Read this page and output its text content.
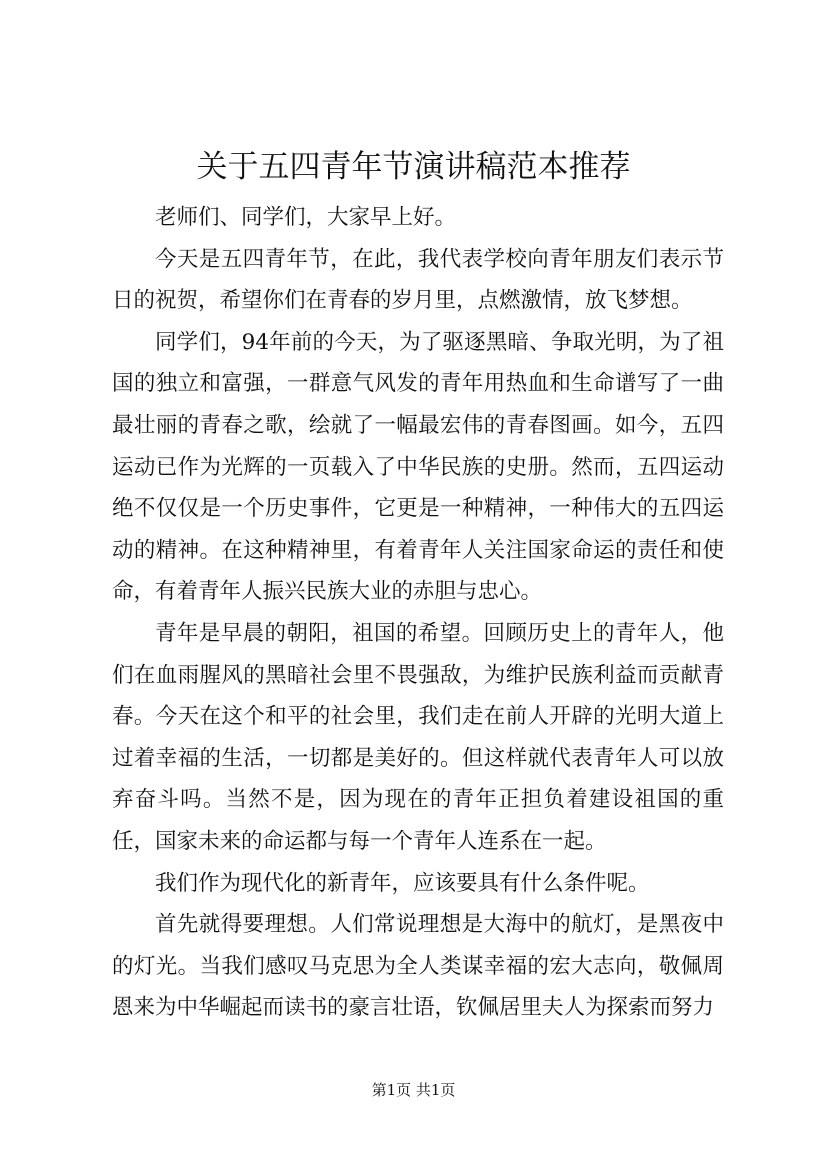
关于五四青年节演讲稿范本推荐

老师们、同学们，大家早上好。

今天是五四青年节，在此，我代表学校向青年朋友们表示节日的祝贺，希望你们在青春的岁月里，点燃激情，放飞梦想。

同学们，94年前的今天，为了驱逐黑暗、争取光明，为了祖国的独立和富强，一群意气风发的青年用热血和生命谱写了一曲最壮丽的青春之歌，绘就了一幅最宏伟的青春图画。如今，五四运动已作为光辉的一页载入了中华民族的史册。然而，五四运动绝不仅仅是一个历史事件，它更是一种精神，一种伟大的五四运动的精神。在这种精神里，有着青年人关注国家命运的责任和使命，有着青年人振兴民族大业的赤胆与忠心。

青年是早晨的朝阳，祖国的希望。回顾历史上的青年人，他们在血雨腥风的黑暗社会里不畏强敌，为维护民族利益而贡献青春。今天在这个和平的社会里，我们走在前人开辟的光明大道上过着幸福的生活，一切都是美好的。但这样就代表青年人可以放弃奋斗吗。当然不是，因为现在的青年正担负着建设祖国的重任，国家未来的命运都与每一个青年人连系在一起。

我们作为现代化的新青年，应该要具有什么条件呢。

首先就得要理想。人们常说理想是大海中的航灯，是黑夜中的灯光。当我们感叹马克思为全人类谋幸福的宏大志向，敬佩周恩来为中华崛起而读书的豪言壮语，钦佩居里夫人为探索而努力

第1页 共1页
